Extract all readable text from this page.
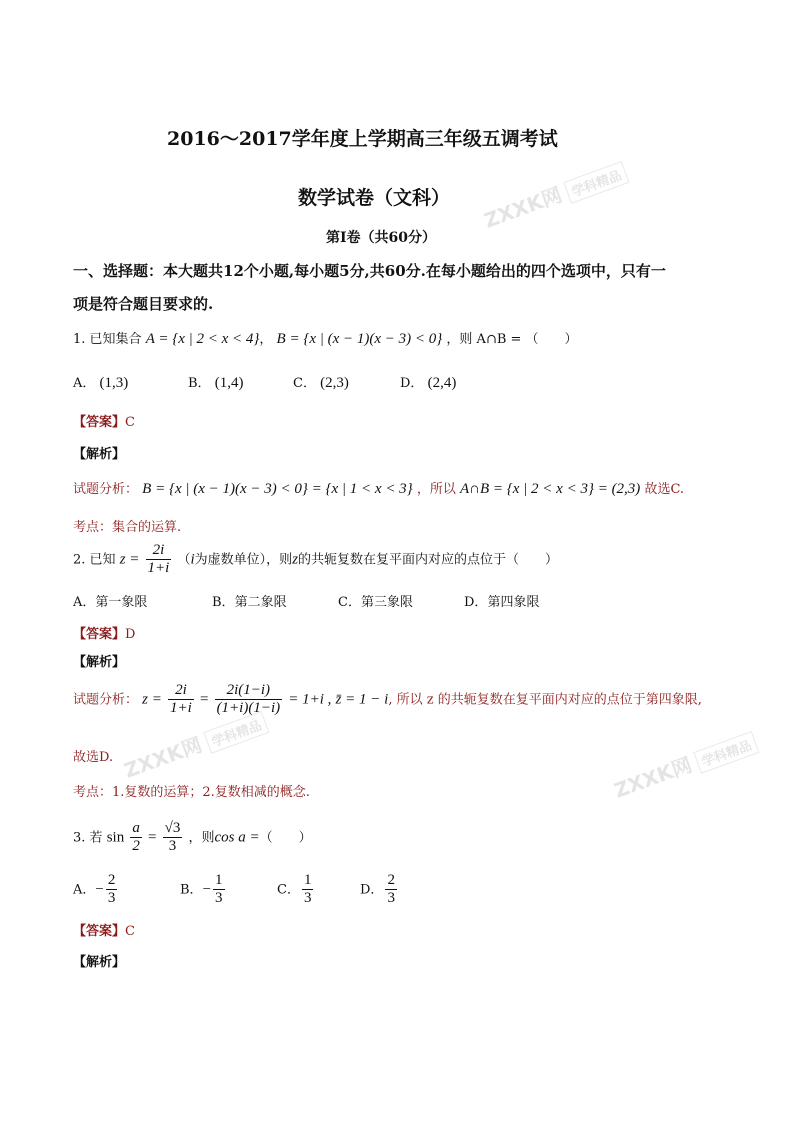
ZXXK网 学科精品
ZXXK网 学科精品
ZXXK网 学科精品
2016～2017学年度上学期高三年级五调考试
数学试卷（文科）
第Ⅰ卷（共60分）
一、选择题：本大题共12个小题,每小题5分,共60分.在每小题给出的四个选项中，只有一
项是符合题目要求的.
1. 已知集合 A = {x | 2 < x < 4}， B = {x | (x − 1)(x − 3) < 0} ，则 A∩B = （　　）
A． (1,3)	B． (1,4)	C． (2,3)	D． (2,4)
【答案】C
【解析】
试题分析： B = {x | (x − 1)(x − 3) < 0} = {x | 1 < x < 3} ，所以 A∩B = {x | 2 < x < 3} = (2,3) 故选C.
考点：集合的运算.
2. 已知 $z = \frac{2i}{1+i} (i$为虚数单位），则z的共轭复数在复平面内对应的点位于（　　）
A．第一象限	B．第二象限	C．第三象限	D．第四象限
【答案】D
【解析】
试题分析： $z = \frac{2i}{1+i} = \frac{2i(1-i)}{(1+i)(1-i)} = 1+i$ , z̄ = 1 − i, 所以 z 的共轭复数在复平面内对应的点位于第四象限,
故选D.
考点：1.复数的运算；2.复数相减的概念.
3. 若 $\sin \frac{a}{2} = \frac{√3}{3}$ ，则cos a =（　　）
A．− $\frac{2}{3}$	B．− $\frac{1}{3}$	C． $\frac{1}{3}$	D． $\frac{2}{3}$
【答案】C
【解析】
